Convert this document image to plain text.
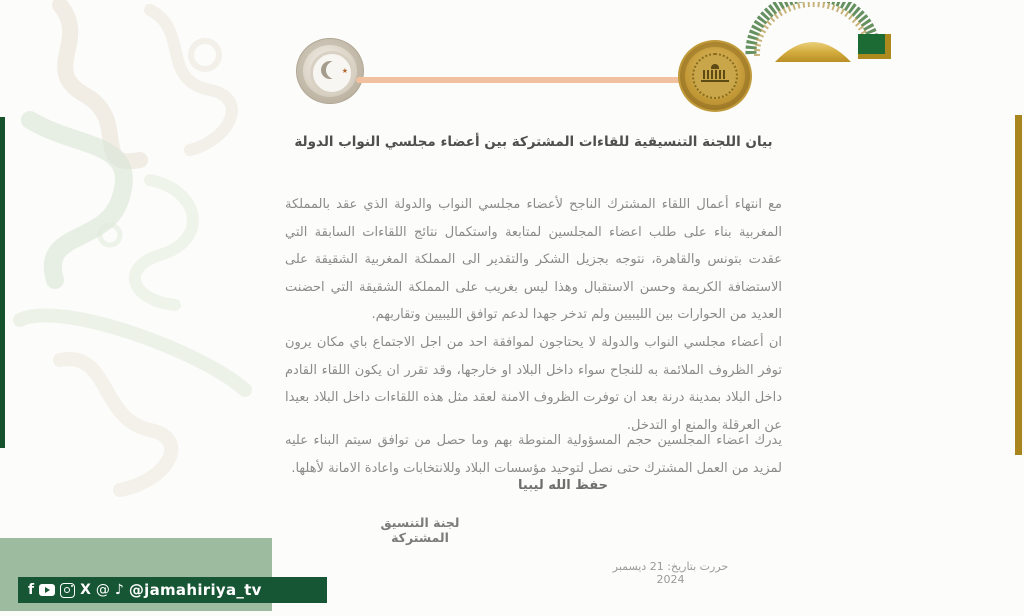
★
بيان اللجنة التنسيقية للقاءات المشتركة بين أعضاء مجلسي النواب الدولة

مع انتهاء أعمال اللقاء المشترك الناجح لأعضاء مجلسي النواب والدولة الذي عقد بالمملكة المغربية بناء على طلب اعضاء المجلسين لمتابعة واستكمال نتائج اللقاءات السابقة التي عقدت بتونس والقاهرة، نتوجه بجزيل الشكر والتقدير الى المملكة المغربية الشقيقة على الاستضافة الكريمة وحسن الاستقبال وهذا ليس بغريب على المملكة الشقيقة التي احضنت العديد من الحوارات بين الليبيين ولم تدخر جهدا لدعم توافق الليبيين وتقاربهم.

ان أعضاء مجلسي النواب والدولة لا يحتاجون لموافقة احد من اجل الاجتماع باي مكان يرون توفر الظروف الملائمة به للنجاح سواء داخل البلاد او خارجها، وقد تقرر ان يكون اللقاء القادم داخل البلاد بمدينة درنة بعد ان توفرت الظروف الامنة لعقد مثل هذه اللقاءات داخل البلاد بعيدا عن العرقلة والمنع او التدخل.

يدرك اعضاء المجلسين حجم المسؤولية المنوطة بهم وما حصل من توافق سيتم البناء عليه لمزيد من العمل المشترك حتى نصل لتوحيد مؤسسات البلاد وللانتخابات واعادة الامانة لأهلها.

حفظ الله ليبيا
لجنة التنسيق المشتركة
حررت بتاريخ: 21 ديسمبر 2024
f	X @ ♪ @jamahiriya_tv
